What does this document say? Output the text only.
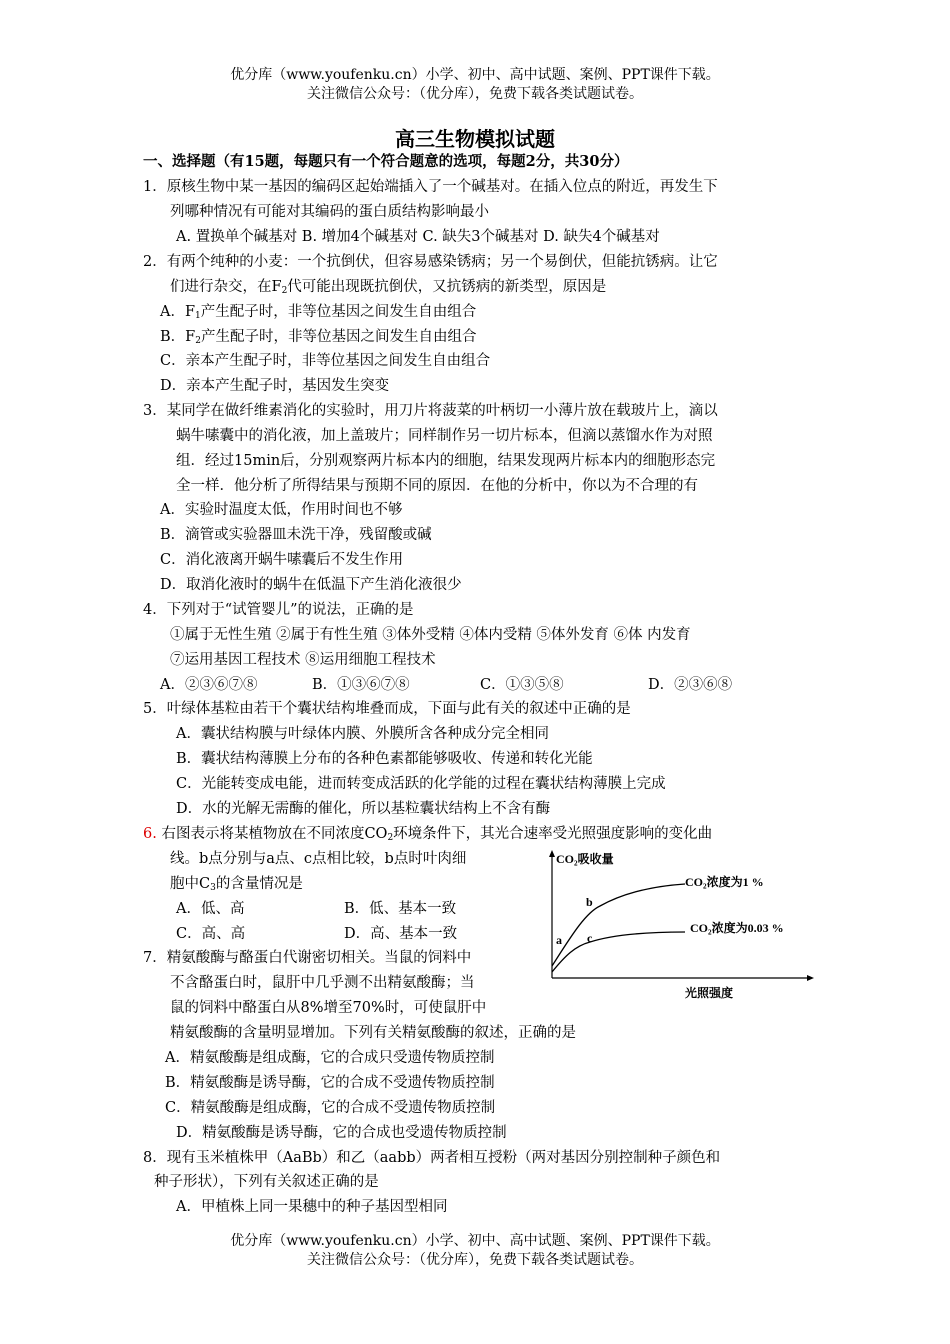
优分库（www.youfenku.cn）小学、初中、高中试题、案例、PPT课件下载。
关注微信公众号：（优分库），免费下载各类试题试卷。
高三生物模拟试题
一、选择题（有15题，每题只有一个符合题意的选项，每题2分，共30分）
1．原核生物中某一基因的编码区起始端插入了一个碱基对。在插入位点的附近，再发生下
列哪种情况有可能对其编码的蛋白质结构影响最小
A. 置换单个碱基对 B. 增加4个碱基对 C. 缺失3个碱基对 D. 缺失4个碱基对
2．有两个纯种的小麦：一个抗倒伏，但容易感染锈病；另一个易倒伏，但能抗锈病。让它
们进行杂交，在$F_2$代可能出现既抗倒伏，又抗锈病的新类型，原因是
A．$F_1$产生配子时，非等位基因之间发生自由组合
B．$F_2$产生配子时，非等位基因之间发生自由组合
C．亲本产生配子时，非等位基因之间发生自由组合
D．亲本产生配子时，基因发生突变
3．某同学在做纤维素消化的实验时，用刀片将菠菜的叶柄切一小薄片放在载玻片上，滴以
蜗牛嗉囊中的消化液，加上盖玻片；同样制作另一切片标本，但滴以蒸馏水作为对照
组．经过15min后，分别观察两片标本内的细胞，结果发现两片标本内的细胞形态完
全一样．他分析了所得结果与预期不同的原因．在他的分析中，你以为不合理的有
A．实验时温度太低，作用时间也不够
B．滴管或实验器皿未洗干净，残留酸或碱
C．消化液离开蜗牛嗉囊后不发生作用
D．取消化液时的蜗牛在低温下产生消化液很少
4．下列对于“试管婴儿”的说法，正确的是
①属于无性生殖 ②属于有性生殖 ③体外受精 ④体内受精 ⑤体外发育 ⑥体 内发育
⑦运用基因工程技术 ⑧运用细胞工程技术
A．②③⑥⑦⑧	B．①③⑥⑦⑧	C．①③⑤⑧	D．②③⑥⑧
5．叶绿体基粒由若干个囊状结构堆叠而成，下面与此有关的叙述中正确的是
A．囊状结构膜与叶绿体内膜、外膜所含各种成分完全相同
B．囊状结构薄膜上分布的各种色素都能够吸收、传递和转化光能
C．光能转变成电能，进而转变成活跃的化学能的过程在囊状结构薄膜上完成
D．水的光解无需酶的催化，所以基粒囊状结构上不含有酶
6. 右图表示将某植物放在不同浓度$CO_2$环境条件下，其光合速率受光照强度影响的变化曲
线。b点分别与a点、c点相比较，b点时叶肉细
胞中$C_3$的含量情况是
A．低、高	B．低、基本一致
C．高、高	D．高、基本一致
CO₂吸收量
光照强度
CO₂浓度为1 %
CO₂浓度为0.03 %
a
b
c
7．精氨酸酶与酪蛋白代谢密切相关。当鼠的饲料中
不含酪蛋白时，鼠肝中几乎测不出精氨酸酶；当
鼠的饲料中酪蛋白从8%增至70%时，可使鼠肝中
精氨酸酶的含量明显增加。下列有关精氨酸酶的叙述，正确的是
A．精氨酸酶是组成酶，它的合成只受遗传物质控制
B．精氨酸酶是诱导酶，它的合成不受遗传物质控制
C．精氨酸酶是组成酶，它的合成不受遗传物质控制
D．精氨酸酶是诱导酶，它的合成也受遗传物质控制
8．现有玉米植株甲（AaBb）和乙（aabb）两者相互授粉（两对基因分别控制种子颜色和
种子形状），下列有关叙述正确的是
A．甲植株上同一果穗中的种子基因型相同
优分库（www.youfenku.cn）小学、初中、高中试题、案例、PPT课件下载。
关注微信公众号：（优分库），免费下载各类试题试卷。
